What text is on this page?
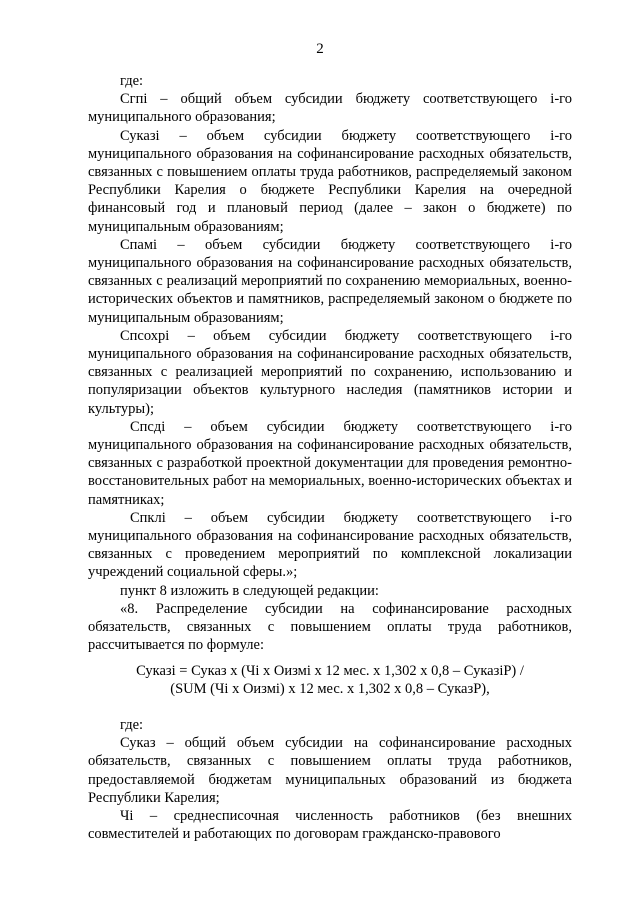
2

где:

Сгпі – общий объем субсидии бюджету соответствующего і-го муниципального образования;

Суказі – объем субсидии бюджету соответствующего і-го муниципального образования на софинансирование расходных обязательств, связанных с повышением оплаты труда работников, распределяемый законом Республики Карелия о бюджете Республики Карелия на очередной финансовый год и плановый период (далее – закон о бюджете) по муниципальным образованиям;

Спамі – объем субсидии бюджету соответствующего і-го муниципального образования на софинансирование расходных обязательств, связанных с реализаций мероприятий по сохранению мемориальных, военно-исторических объектов и памятников, распределяемый законом о бюджете по муниципальным образованиям;

Спсохрі – объем субсидии бюджету соответствующего і-го муниципального образования на софинансирование расходных обязательств, связанных с реализацией мероприятий по сохранению, использованию и популяризации объектов культурного наследия (памятников истории и культуры);

Спсді – объем субсидии бюджету соответствующего і-го муниципального образования на софинансирование расходных обязательств, связанных с разработкой проектной документации для проведения ремонтно-восстановительных работ на мемориальных, военно-исторических объектах и памятниках;

Спклі – объем субсидии бюджету соответствующего і-го муниципального образования на софинансирование расходных обязательств, связанных с проведением мероприятий по комплексной локализации учреждений социальной сферы.»;

пункт 8 изложить в следующей редакции:

«8. Распределение субсидии на софинансирование расходных обязательств, связанных с повышением оплаты труда работников, рассчитывается по формуле:

Суказі = Суказ x (Чі x Оизмі x 12 мес. x 1,302 x 0,8 – СуказіР) /
(SUM (Чі x Оизмі) x 12 мес. x 1,302 x 0,8 – СуказР),

где:

Суказ – общий объем субсидии на софинансирование расходных обязательств, связанных с повышением оплаты труда работников, предоставляемой бюджетам муниципальных образований из бюджета Республики Карелия;

Чі – среднесписочная численность работников (без внешних совместителей и работающих по договорам гражданско-правового
